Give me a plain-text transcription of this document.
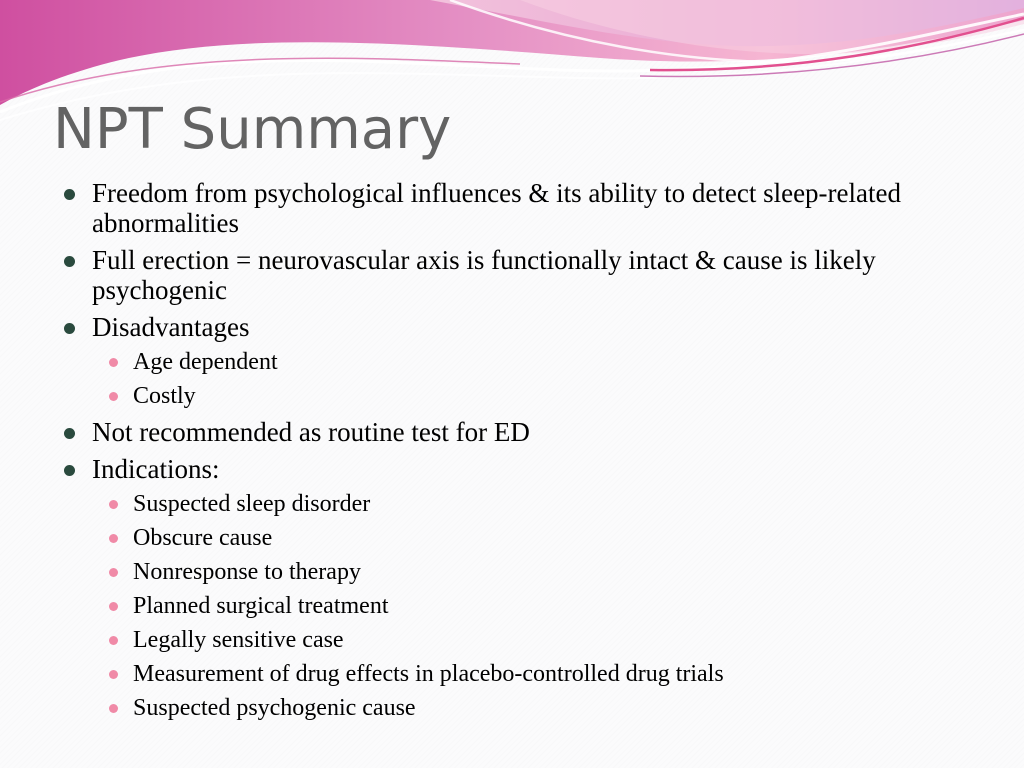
NPT Summary
Freedom from psychological influences & its ability to detect sleep-related abnormalities
Full erection = neurovascular axis is functionally intact & cause is likely psychogenic
Disadvantages
Age dependent
Costly
Not recommended as routine test for ED
Indications:
Suspected sleep disorder
Obscure cause
Nonresponse to therapy
Planned surgical treatment
Legally sensitive case
Measurement of drug effects in placebo-controlled drug trials
Suspected psychogenic cause
